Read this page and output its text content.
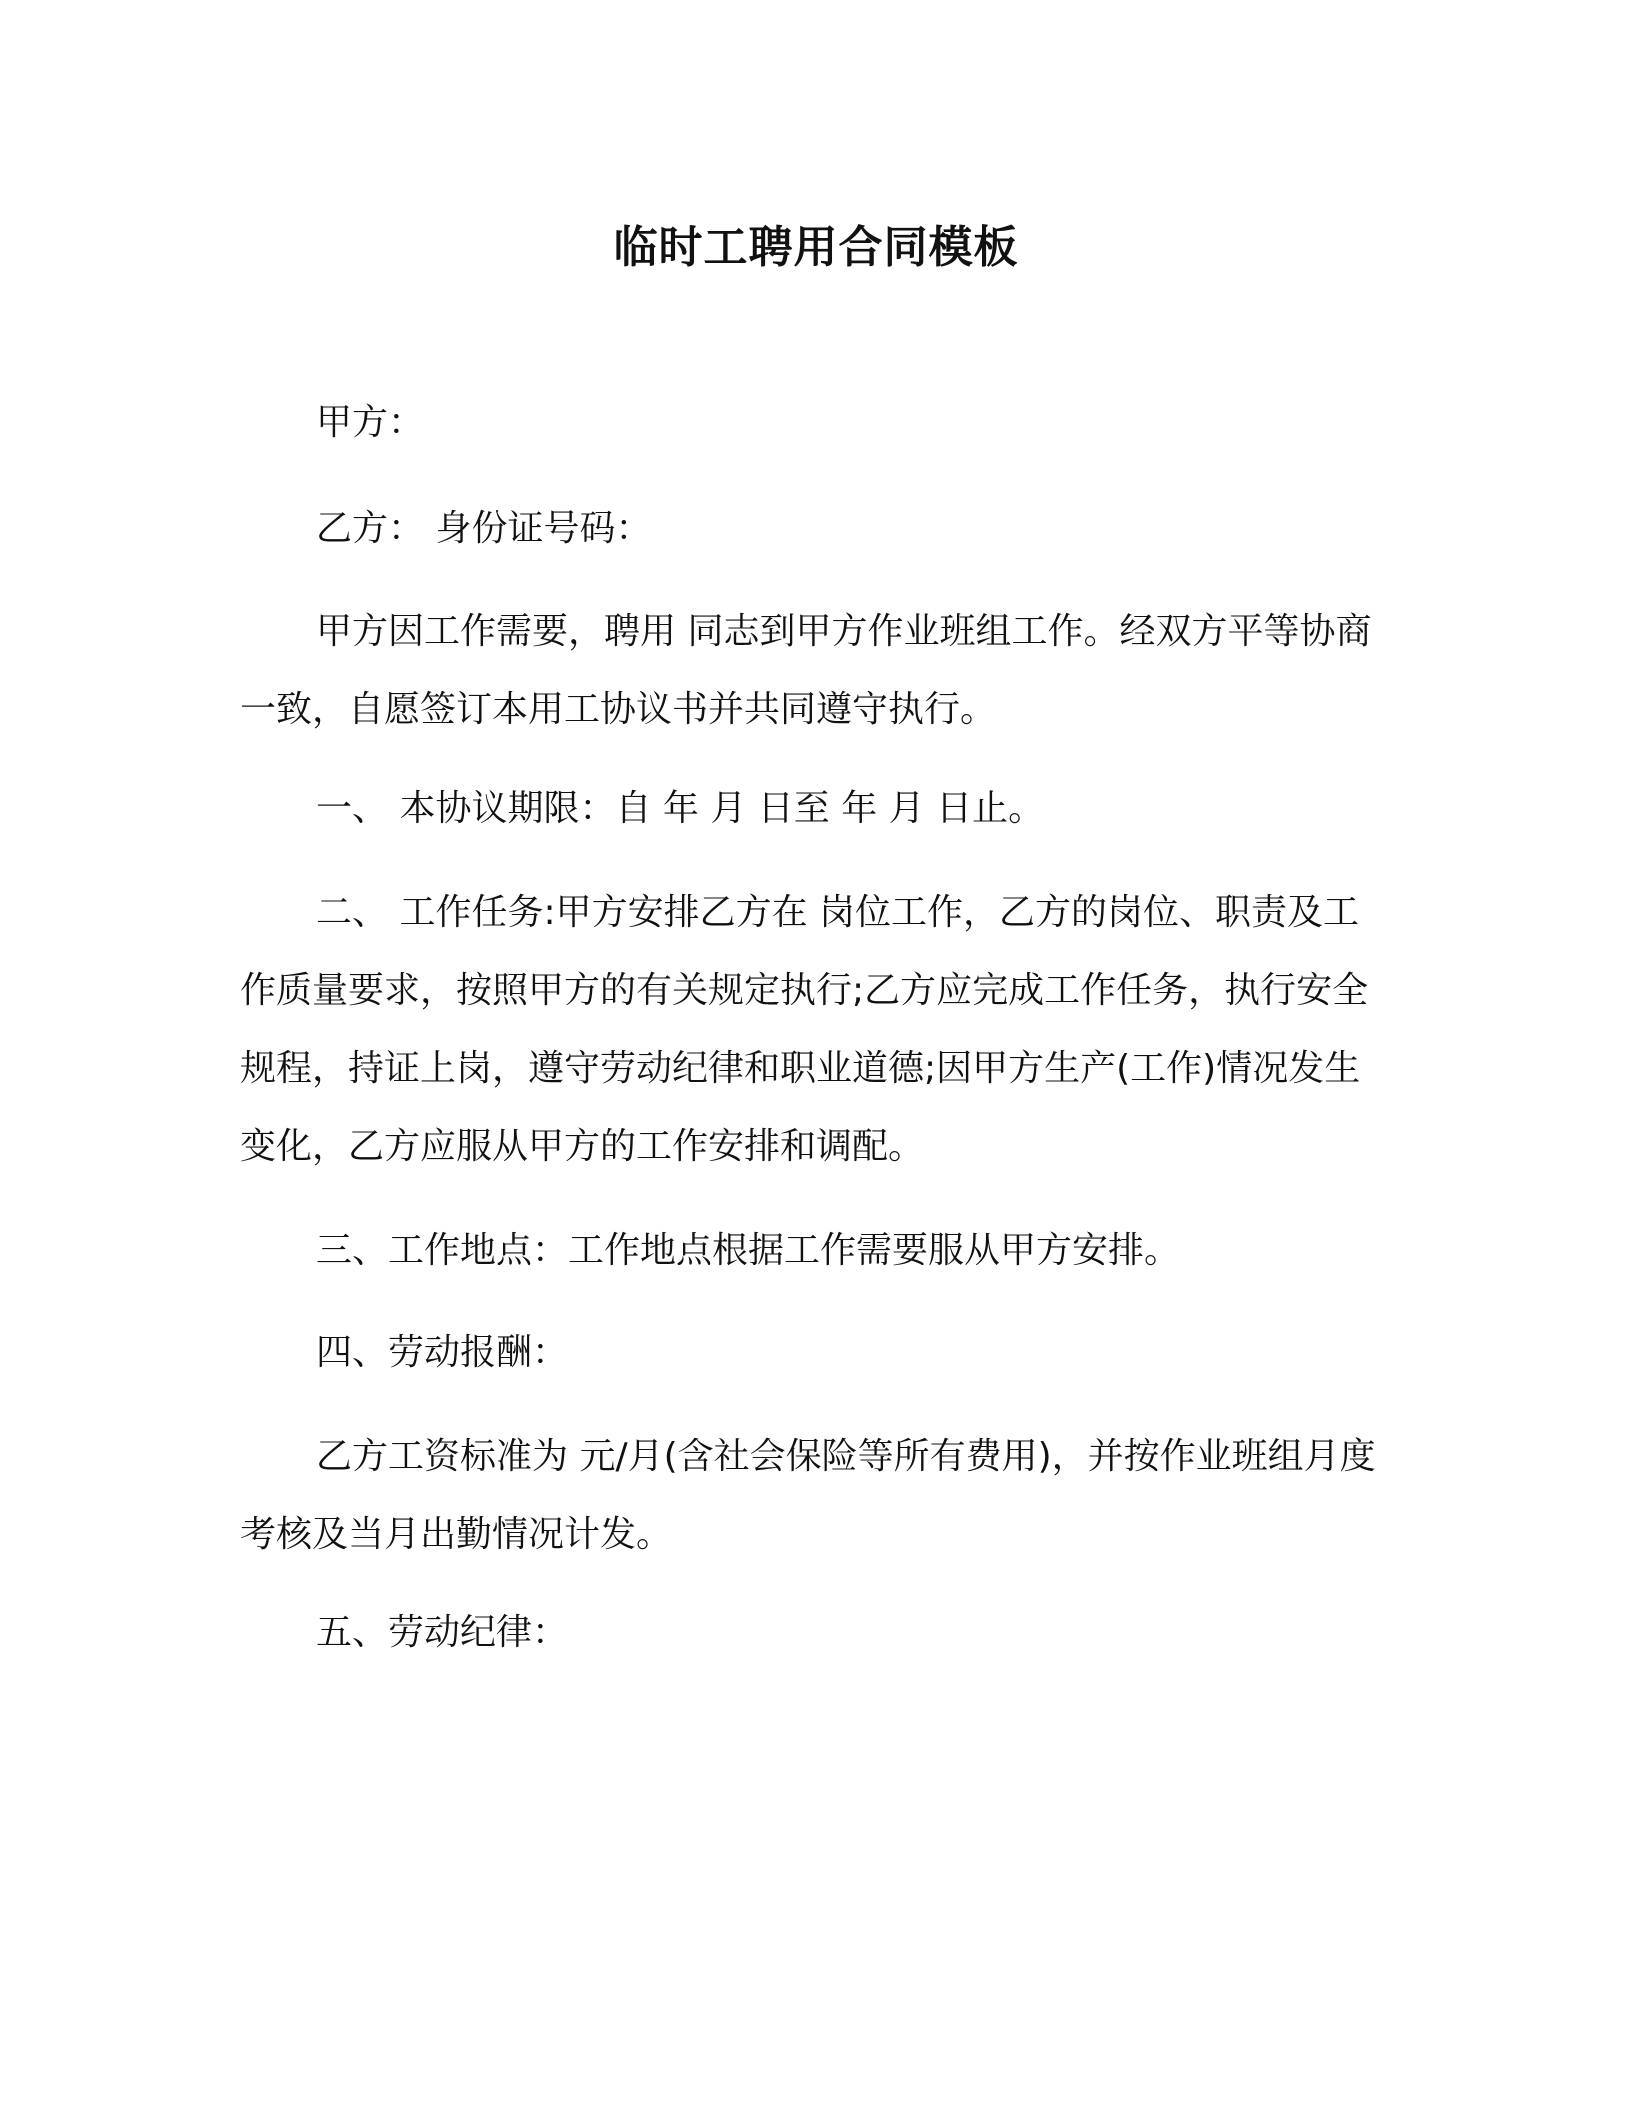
临时工聘用合同模板

甲方：

乙方： 身份证号码：

甲方因工作需要，聘用 同志到甲方作业班组工作。经双方平等协商一致，自愿签订本用工协议书并共同遵守执行。

一、 本协议期限：自 年 月 日至 年 月 日止。

二、 工作任务:甲方安排乙方在 岗位工作，乙方的岗位、职责及工作质量要求，按照甲方的有关规定执行;乙方应完成工作任务，执行安全规程，持证上岗，遵守劳动纪律和职业道德;因甲方生产(工作)情况发生变化，乙方应服从甲方的工作安排和调配。

三、工作地点：工作地点根据工作需要服从甲方安排。

四、劳动报酬：

乙方工资标准为 元/月(含社会保险等所有费用)，并按作业班组月度考核及当月出勤情况计发。

五、劳动纪律：
